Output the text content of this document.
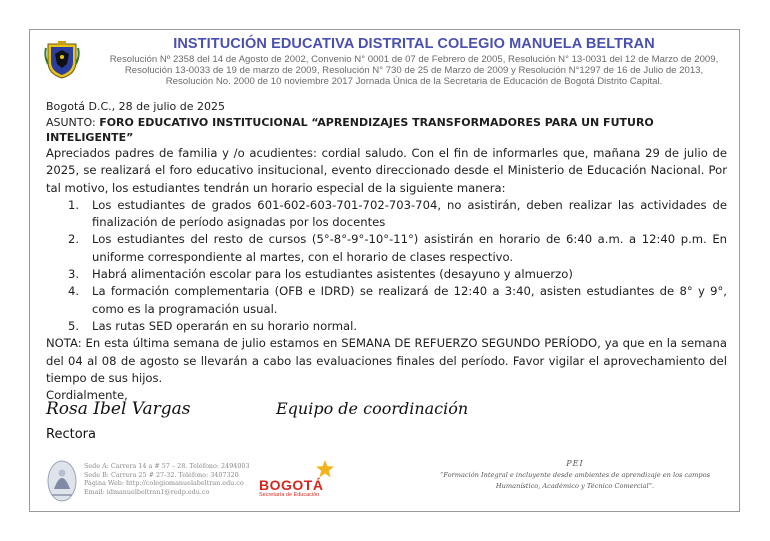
INSTITUCIÓN EDUCATIVA DISTRITAL COLEGIO MANUELA BELTRAN
Resolución Nº 2358 del 14 de Agosto de 2002, Convenio N° 0001 de 07 de Febrero de 2005, Resolución N° 13-0031 del 12 de Marzo de 2009, Resolución 13-0033 de 19 de marzo de 2009, Resolución N° 730 de 25 de Marzo de 2009 y Resolución N°1297 de 16 de Julio de 2013, Resolución No. 2000 de 10 noviembre 2017 Jornada Única de la Secretaria de Educación de Bogotá Distrito Capital.
Bogotá D.C., 28 de julio de 2025
ASUNTO: FORO EDUCATIVO INSTITUCIONAL “APRENDIZAJES TRANSFORMADORES PARA UN FUTURO INTELIGENTE”

Apreciados padres de familia y /o acudientes: cordial saludo. Con el fin de informarles que, mañana 29 de julio de 2025, se realizará el foro educativo insitucional, evento direccionado desde el Ministerio de Educación Nacional. Por tal motivo, los estudiantes tendrán un horario especial de la siguiente manera:

1. Los estudiantes de grados 601-602-603-701-702-703-704, no asistirán, deben realizar las actividades de finalización de período asignadas por los docentes
2. Los estudiantes del resto de cursos (5°-8°-9°-10°-11°) asistirán en horario de 6:40 a.m. a 12:40 p.m. En uniforme correspondiente al martes, con el horario de clases respectivo.
3. Habrá alimentación escolar para los estudiantes asistentes (desayuno y almuerzo)
4. La formación complementaria (OFB e IDRD) se realizará de 12:40 a 3:40, asisten estudiantes de 8° y 9°, como es la programación usual.
5. Las rutas SED operarán en su horario normal.

NOTA: En esta última semana de julio estamos en SEMANA DE REFUERZO SEGUNDO PERÍODO, ya que en la semana del 04 al 08 de agosto se llevarán a cabo las evaluaciones finales del período. Favor vigilar el aprovechamiento del tiempo de sus hijos.

Cordialmente,

Rosa Ibel Vargas	Equipo de coordinación
Rectora
Sede A: Carrera 14 a # 57 – 28. Teléfono: 2494003
Sede B: Carrera 25 # 27-32. Teléfono: 3407320
Página Web: http://colegiomanuelabeltran.edu.co
Email: idmanuelbeltran1@redp.edu.co	BOGOTÁ
Secretaría de Educación
PEI
“Formación Integral e incluyente desde ambientes de aprendizaje en los campos Humanístico, Académico y Técnico Comercial”.
